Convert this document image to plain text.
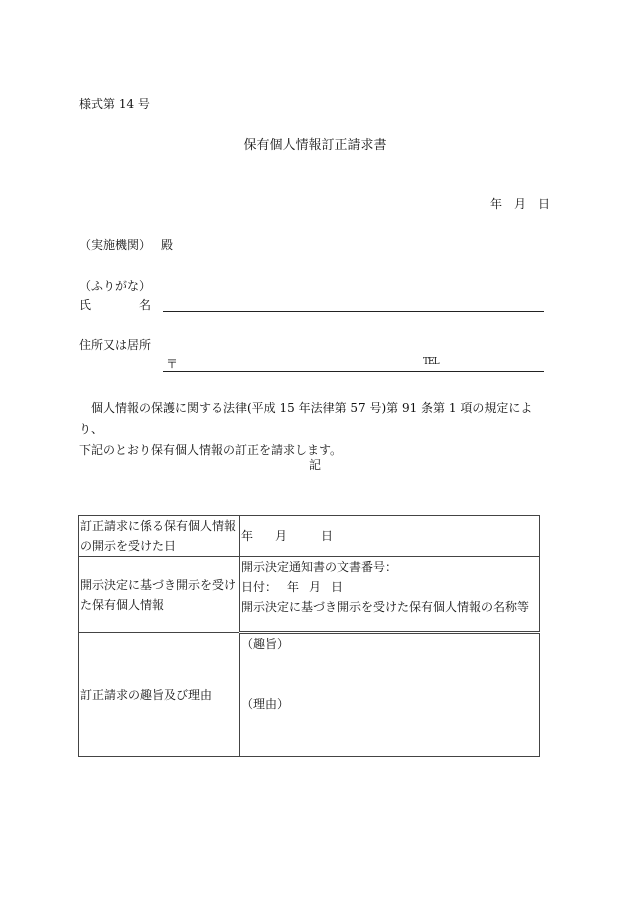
様式第 14 号
保有個人情報訂正請求書
年 月 日
（実施機関） 殿
（ふりがな）
氏	名
住所又は居所
〒	TEL

個人情報の保護に関する法律(平成 15 年法律第 57 号)第 91 条第 1 項の規定により、

下記のとおり保有個人情報の訂正を請求します。

記
訂正請求に係る保有個人情報の開示を受けた日	年 月 日
開示決定に基づき開示を受けた保有個人情報	開示決定通知書の文書番号：
日付： 年 月 日
開示決定に基づき開示を受けた保有個人情報の名称等

訂正請求の趣旨及び理由	（趣旨）
（理由）
